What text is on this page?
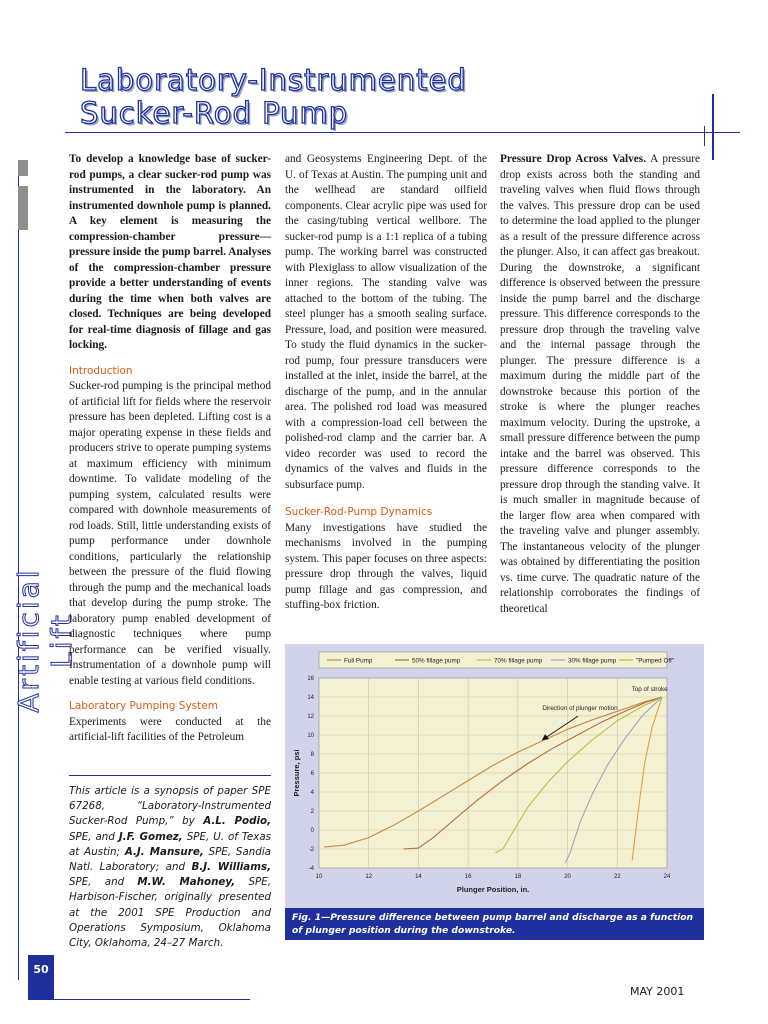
Laboratory-Instrumented
Sucker-Rod Pump
Artificial Lift

To develop a knowledge base of sucker-rod pumps, a clear sucker-rod pump was instrumented in the laboratory. An instrumented downhole pump is planned. A key element is measuring the compression-chamber pressure—pressure inside the pump barrel. Analyses of the compression-chamber pressure provide a better understanding of events during the time when both valves are closed. Techniques are being developed for real-time diagnosis of fillage and gas locking.

Introduction

Sucker-rod pumping is the principal method of artificial lift for fields where the reservoir pressure has been depleted. Lifting cost is a major operating expense in these fields and producers strive to operate pumping systems at maximum efficiency with minimum downtime. To validate modeling of the pumping system, calculated results were compared with downhole measurements of rod loads. Still, little understanding exists of pump performance under downhole conditions, particularly the relationship between the pressure of the fluid flowing through the pump and the mechanical loads that develop during the pump stroke. The laboratory pump enabled development of diagnostic techniques where pump performance can be verified visually. Instrumentation of a downhole pump will enable testing at various field conditions.

Laboratory Pumping System

Experiments were conducted at the artificial-lift facilities of the Petroleum

This article is a synopsis of paper SPE 67268, “Laboratory-Instrumented Sucker-Rod Pump,” by A.L. Podio, SPE, and J.F. Gomez, SPE, U. of Texas at Austin; A.J. Mansure, SPE, Sandia Natl. Laboratory; and B.J. Williams, SPE, and M.W. Mahoney, SPE, Harbison-Fischer, originally presented at the 2001 SPE Production and Operations Symposium, Oklahoma City, Oklahoma, 24–27 March.

and Geosystems Engineering Dept. of the U. of Texas at Austin. The pumping unit and the wellhead are standard oilfield components. Clear acrylic pipe was used for the casing/tubing vertical wellbore. The sucker-rod pump is a 1:1 replica of a tubing pump. The working barrel was constructed with Plexiglass to allow visualization of the inner regions. The standing valve was attached to the bottom of the tubing. The steel plunger has a smooth sealing surface. Pressure, load, and position were measured. To study the fluid dynamics in the sucker-rod pump, four pressure transducers were installed at the inlet, inside the barrel, at the discharge of the pump, and in the annular area. The polished rod load was measured with a compression-load cell between the polished-rod clamp and the carrier bar. A video recorder was used to record the dynamics of the valves and fluids in the subsurface pump.

Sucker-Rod-Pump Dynamics

Many investigations have studied the mechanisms involved in the pumping system. This paper focuses on three aspects: pressure drop through the valves, liquid pump fillage and gas compression, and stuffing-box friction.

Pressure Drop Across Valves. A pressure drop exists across both the standing and traveling valves when fluid flows through the valves. This pressure drop can be used to determine the load applied to the plunger as a result of the pressure difference across the plunger. Also, it can affect gas breakout. During the downstroke, a significant difference is observed between the pressure inside the pump barrel and the discharge pressure. This difference corresponds to the pressure drop through the traveling valve and the internal passage through the plunger. The pressure difference is a maximum during the middle part of the downstroke because this portion of the stroke is where the plunger reaches maximum velocity. During the upstroke, a small pressure difference between the pump intake and the barrel was observed. This pressure difference corresponds to the pressure drop through the standing valve. It is much smaller in magnitude because of the larger flow area when compared with the traveling valve and plunger assembly. The instantaneous velocity of the plunger was obtained by differentiating the position vs. time curve. The quadratic nature of the relationship corroborates the findings of theoretical

10	12	14	16	18	20	22	24
-4
-2
0
2
4
6
8
10
12
14
16
Plunger Position, in.
Pressure, psi
Full Pump	50% fillage pump	70% fillage pump	30% fillage pump	"Pumped Off"
Top of stroke
Direction of plunger motion
Fig. 1—Pressure difference between pump barrel and discharge as a function of plunger position during the downstroke.
50
MAY 2001
